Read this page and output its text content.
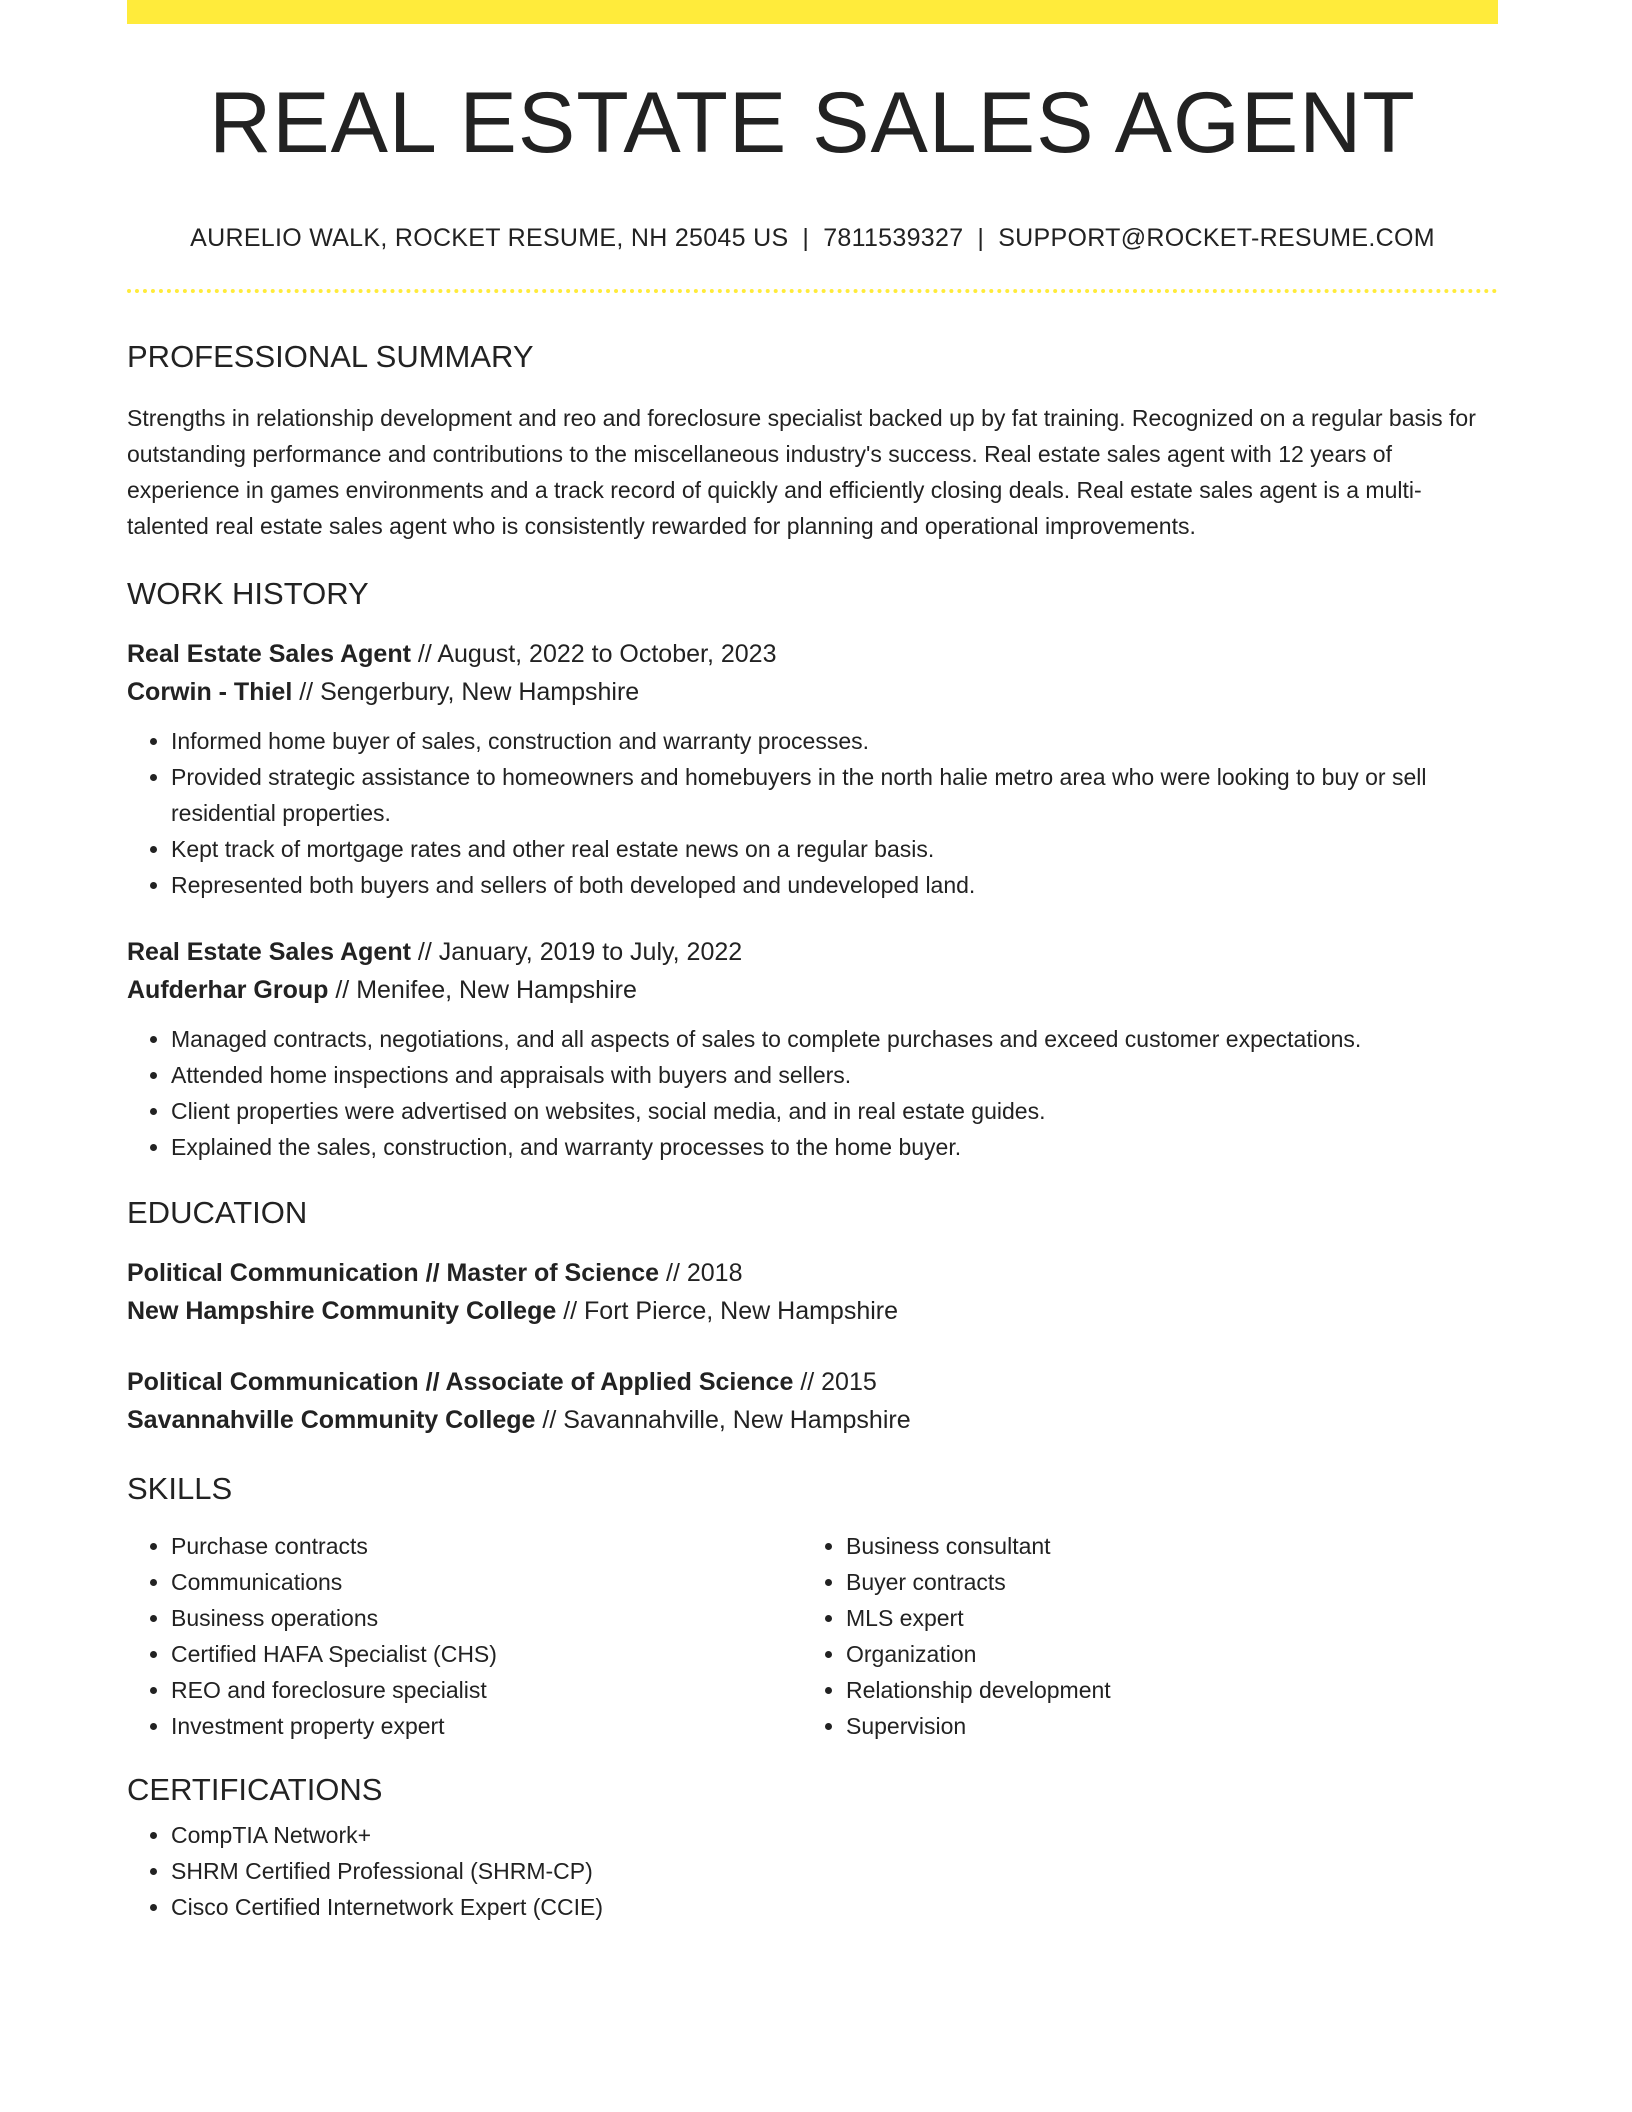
REAL ESTATE SALES AGENT
AURELIO WALK, ROCKET RESUME, NH 25045 US | 7811539327 | SUPPORT@ROCKET-RESUME.COM
PROFESSIONAL SUMMARY

Strengths in relationship development and reo and foreclosure specialist backed up by fat training. Recognized on a regular basis for outstanding performance and contributions to the miscellaneous industry's success. Real estate sales agent with 12 years of experience in games environments and a track record of quickly and efficiently closing deals. Real estate sales agent is a multi-talented real estate sales agent who is consistently rewarded for planning and operational improvements.

WORK HISTORY
Real Estate Sales Agent // August, 2022 to October, 2023
Corwin - Thiel // Sengerbury, New Hampshire
• Informed home buyer of sales, construction and warranty processes.
• Provided strategic assistance to homeowners and homebuyers in the north halie metro area who were looking to buy or sell residential properties.
• Kept track of mortgage rates and other real estate news on a regular basis.
• Represented both buyers and sellers of both developed and undeveloped land.
Real Estate Sales Agent // January, 2019 to July, 2022
Aufderhar Group // Menifee, New Hampshire
• Managed contracts, negotiations, and all aspects of sales to complete purchases and exceed customer expectations.
• Attended home inspections and appraisals with buyers and sellers.
• Client properties were advertised on websites, social media, and in real estate guides.
• Explained the sales, construction, and warranty processes to the home buyer.
EDUCATION
Political Communication // Master of Science // 2018
New Hampshire Community College // Fort Pierce, New Hampshire
Political Communication // Associate of Applied Science // 2015
Savannahville Community College // Savannahville, New Hampshire
SKILLS
• Purchase contracts
• Communications
• Business operations
• Certified HAFA Specialist (CHS)
• REO and foreclosure specialist
• Investment property expert
• Business consultant
• Buyer contracts
• MLS expert
• Organization
• Relationship development
• Supervision
CERTIFICATIONS
• CompTIA Network+
• SHRM Certified Professional (SHRM-CP)
• Cisco Certified Internetwork Expert (CCIE)
